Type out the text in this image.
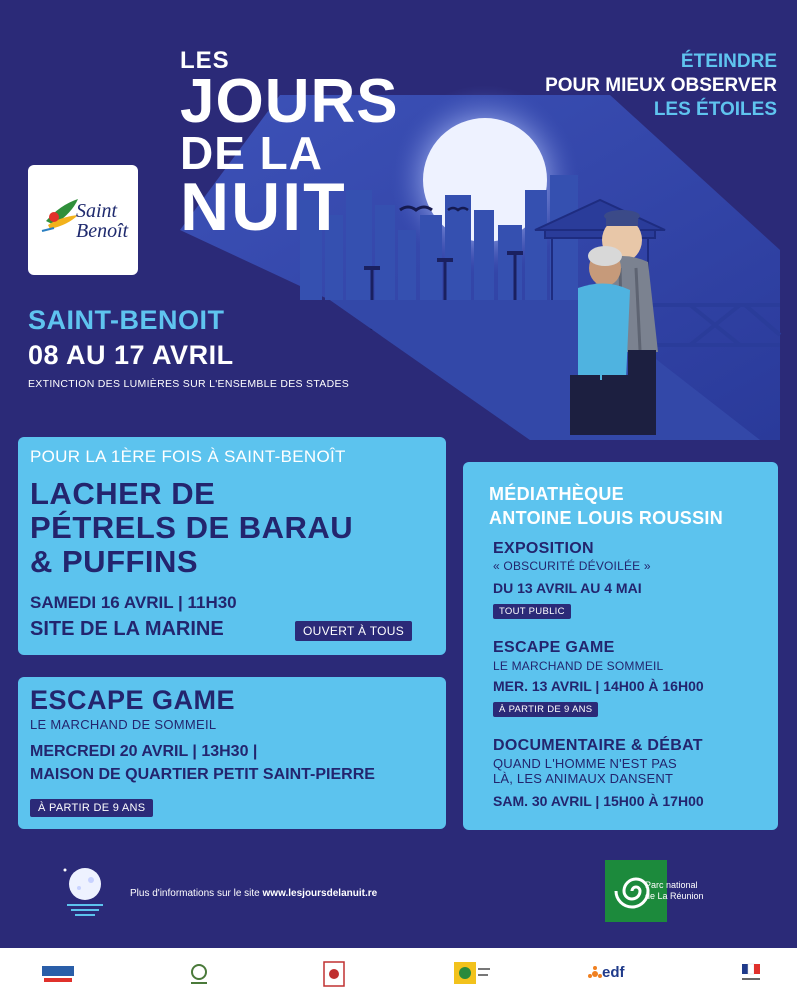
LES
JOURS
DE LA
NUIT
ÉTEINDRE
POUR MIEUX OBSERVER
LES ÉTOILES
Saint
Benoît
SAINT-BENOIT
08 AU 17 AVRIL
EXTINCTION DES LUMIÈRES SUR L'ENSEMBLE DES STADES
POUR LA 1ÈRE FOIS À SAINT-BENOÎT
LACHER DE
PÉTRELS DE BARAU
& PUFFINS
SAMEDI 16 AVRIL | 11H30
SITE DE LA MARINE	OUVERT À TOUS
ESCAPE GAME
LE MARCHAND DE SOMMEIL
MERCREDI 20 AVRIL | 13H30 |
MAISON DE QUARTIER PETIT SAINT-PIERRE
À PARTIR DE 9 ANS
MÉDIATHÈQUE
ANTOINE LOUIS ROUSSIN
EXPOSITION
« OBSCURITÉ DÉVOILÉE »
DU 13 AVRIL AU 4 MAI
TOUT PUBLIC
ESCAPE GAME
LE MARCHAND DE SOMMEIL
MER. 13 AVRIL | 14H00 À 16H00
À PARTIR DE 9 ANS
DOCUMENTAIRE & DÉBAT
QUAND L'HOMME N'EST PAS
LÀ, LES ANIMAUX DANSENT
SAM. 30 AVRIL | 15H00 À 17H00
Plus d'informations sur le site www.lesjoursdelanuit.re
Parc national
de La Réunion
edf
